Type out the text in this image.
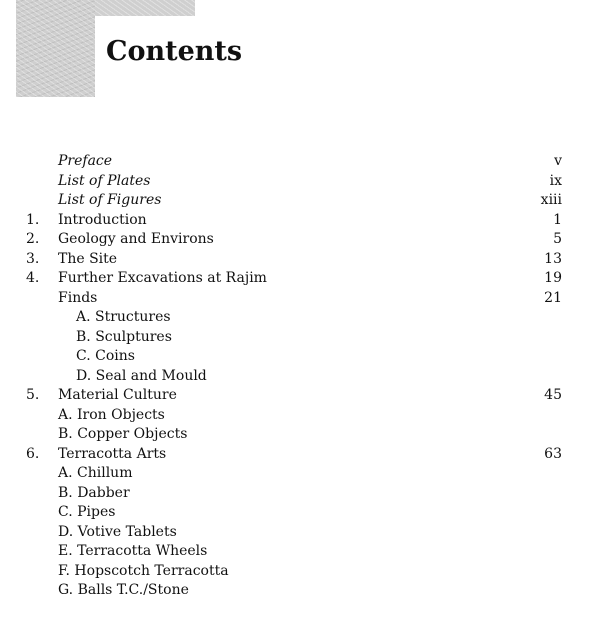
Contents
Preface	v
List of Plates	ix
List of Figures	xiii
1.	Introduction	1
2.	Geology and Environs	5
3.	The Site	13
4.	Further Excavations at Rajim	19
Finds	21
A. Structures
B. Sculptures
C. Coins
D. Seal and Mould
5.	Material Culture	45
A. Iron Objects
B. Copper Objects
6.	Terracotta Arts	63
A. Chillum
B. Dabber
C. Pipes
D. Votive Tablets
E. Terracotta Wheels
F. Hopscotch Terracotta
G. Balls T.C./Stone
